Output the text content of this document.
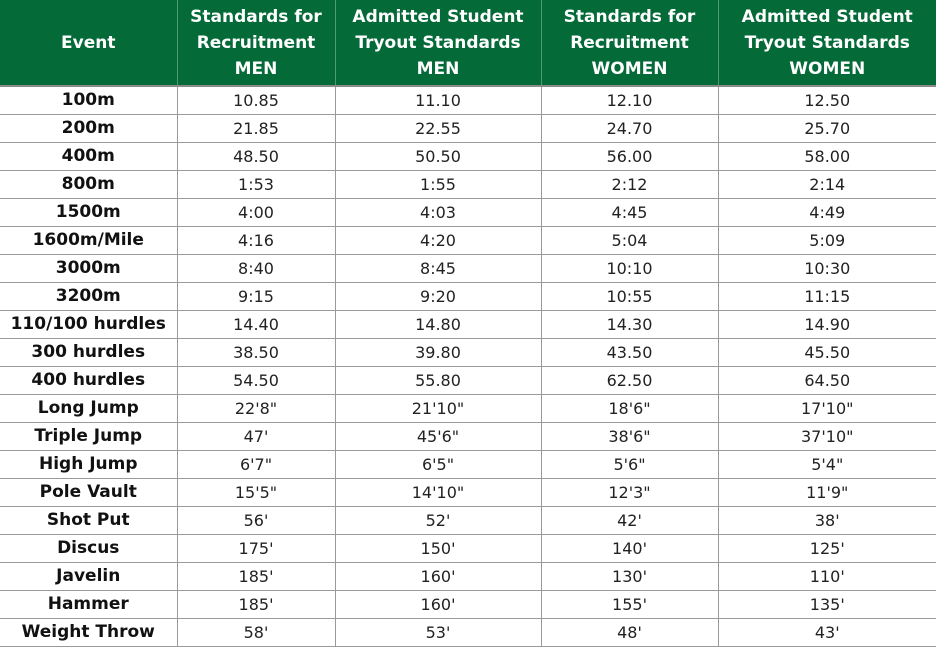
Event	Standards for
Recruitment
MEN	Admitted Student
Tryout Standards
MEN	Standards for
Recruitment
WOMEN	Admitted Student
Tryout Standards
WOMEN

100m	10.85	11.10	12.10	12.50
200m	21.85	22.55	24.70	25.70
400m	48.50	50.50	56.00	58.00
800m	1:53	1:55	2:12	2:14
1500m	4:00	4:03	4:45	4:49
1600m/Mile	4:16	4:20	5:04	5:09
3000m	8:40	8:45	10:10	10:30
3200m	9:15	9:20	10:55	11:15
110/100 hurdles	14.40	14.80	14.30	14.90
300 hurdles	38.50	39.80	43.50	45.50
400 hurdles	54.50	55.80	62.50	64.50
Long Jump	22'8"	21'10"	18'6"	17'10"
Triple Jump	47'	45'6"	38'6"	37'10"
High Jump	6'7"	6'5"	5'6"	5'4"
Pole Vault	15'5"	14'10"	12'3"	11'9"
Shot Put	56'	52'	42'	38'
Discus	175'	150'	140'	125'
Javelin	185'	160'	130'	110'
Hammer	185'	160'	155'	135'
Weight Throw	58'	53'	48'	43'
